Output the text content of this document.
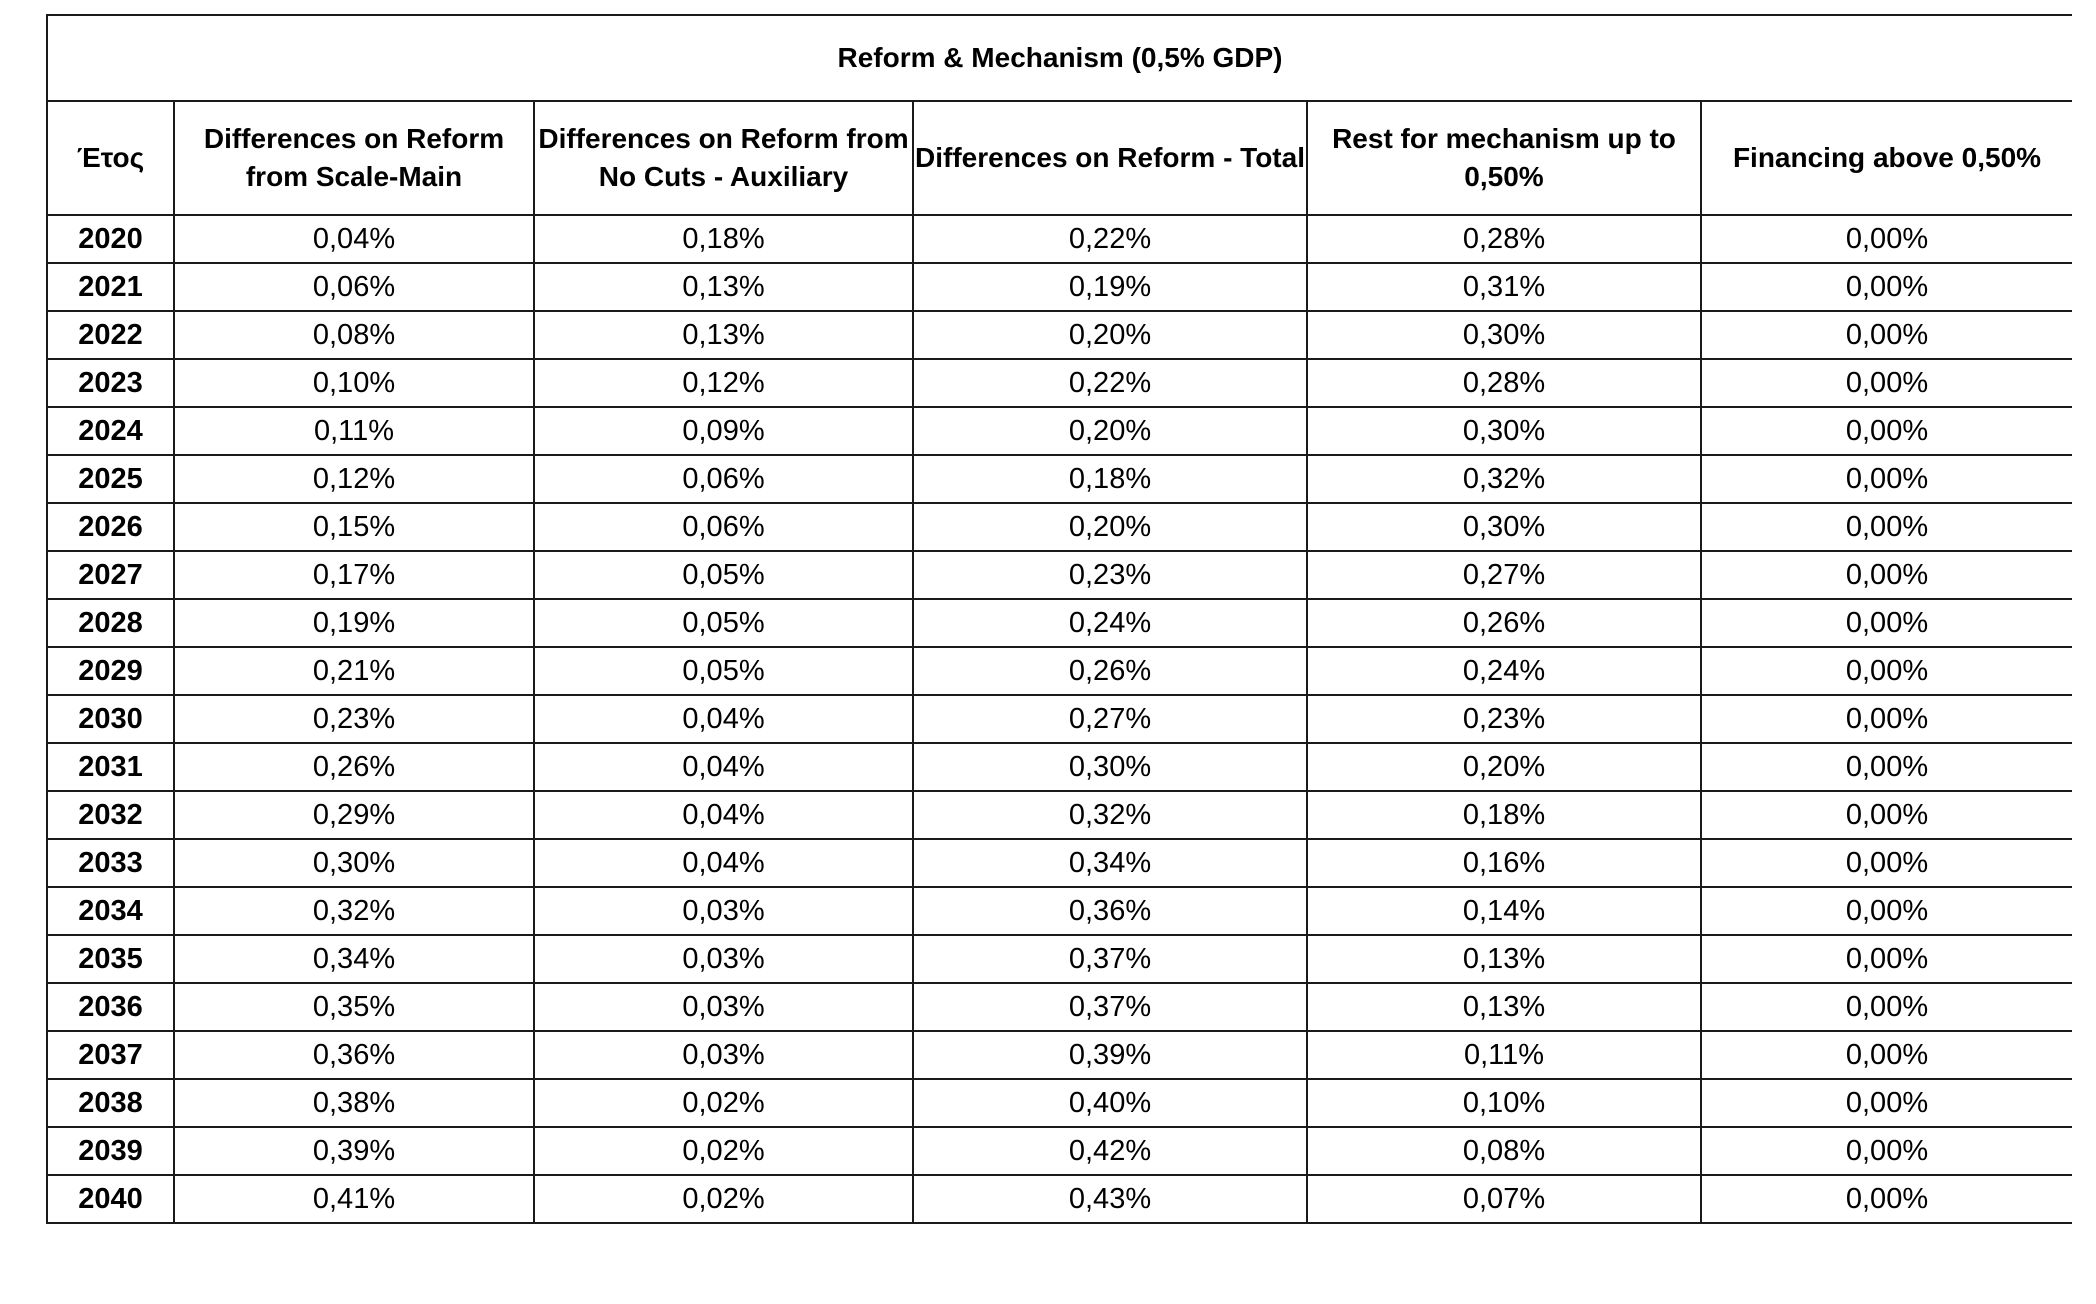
Reform & Mechanism (0,5% GDP)					
Έτος	Differences on Reform from Scale-Main	Differences on Reform from No Cuts - Auxiliary	Differences on Reform - Total	Rest for mechanism up to 0,50%	Financing above 0,50%
2020	0,04%	0,18%	0,22%	0,28%	0,00%
2021	0,06%	0,13%	0,19%	0,31%	0,00%
2022	0,08%	0,13%	0,20%	0,30%	0,00%
2023	0,10%	0,12%	0,22%	0,28%	0,00%
2024	0,11%	0,09%	0,20%	0,30%	0,00%
2025	0,12%	0,06%	0,18%	0,32%	0,00%
2026	0,15%	0,06%	0,20%	0,30%	0,00%
2027	0,17%	0,05%	0,23%	0,27%	0,00%
2028	0,19%	0,05%	0,24%	0,26%	0,00%
2029	0,21%	0,05%	0,26%	0,24%	0,00%
2030	0,23%	0,04%	0,27%	0,23%	0,00%
2031	0,26%	0,04%	0,30%	0,20%	0,00%
2032	0,29%	0,04%	0,32%	0,18%	0,00%
2033	0,30%	0,04%	0,34%	0,16%	0,00%
2034	0,32%	0,03%	0,36%	0,14%	0,00%
2035	0,34%	0,03%	0,37%	0,13%	0,00%
2036	0,35%	0,03%	0,37%	0,13%	0,00%
2037	0,36%	0,03%	0,39%	0,11%	0,00%
2038	0,38%	0,02%	0,40%	0,10%	0,00%
2039	0,39%	0,02%	0,42%	0,08%	0,00%
2040	0,41%	0,02%	0,43%	0,07%	0,00%
